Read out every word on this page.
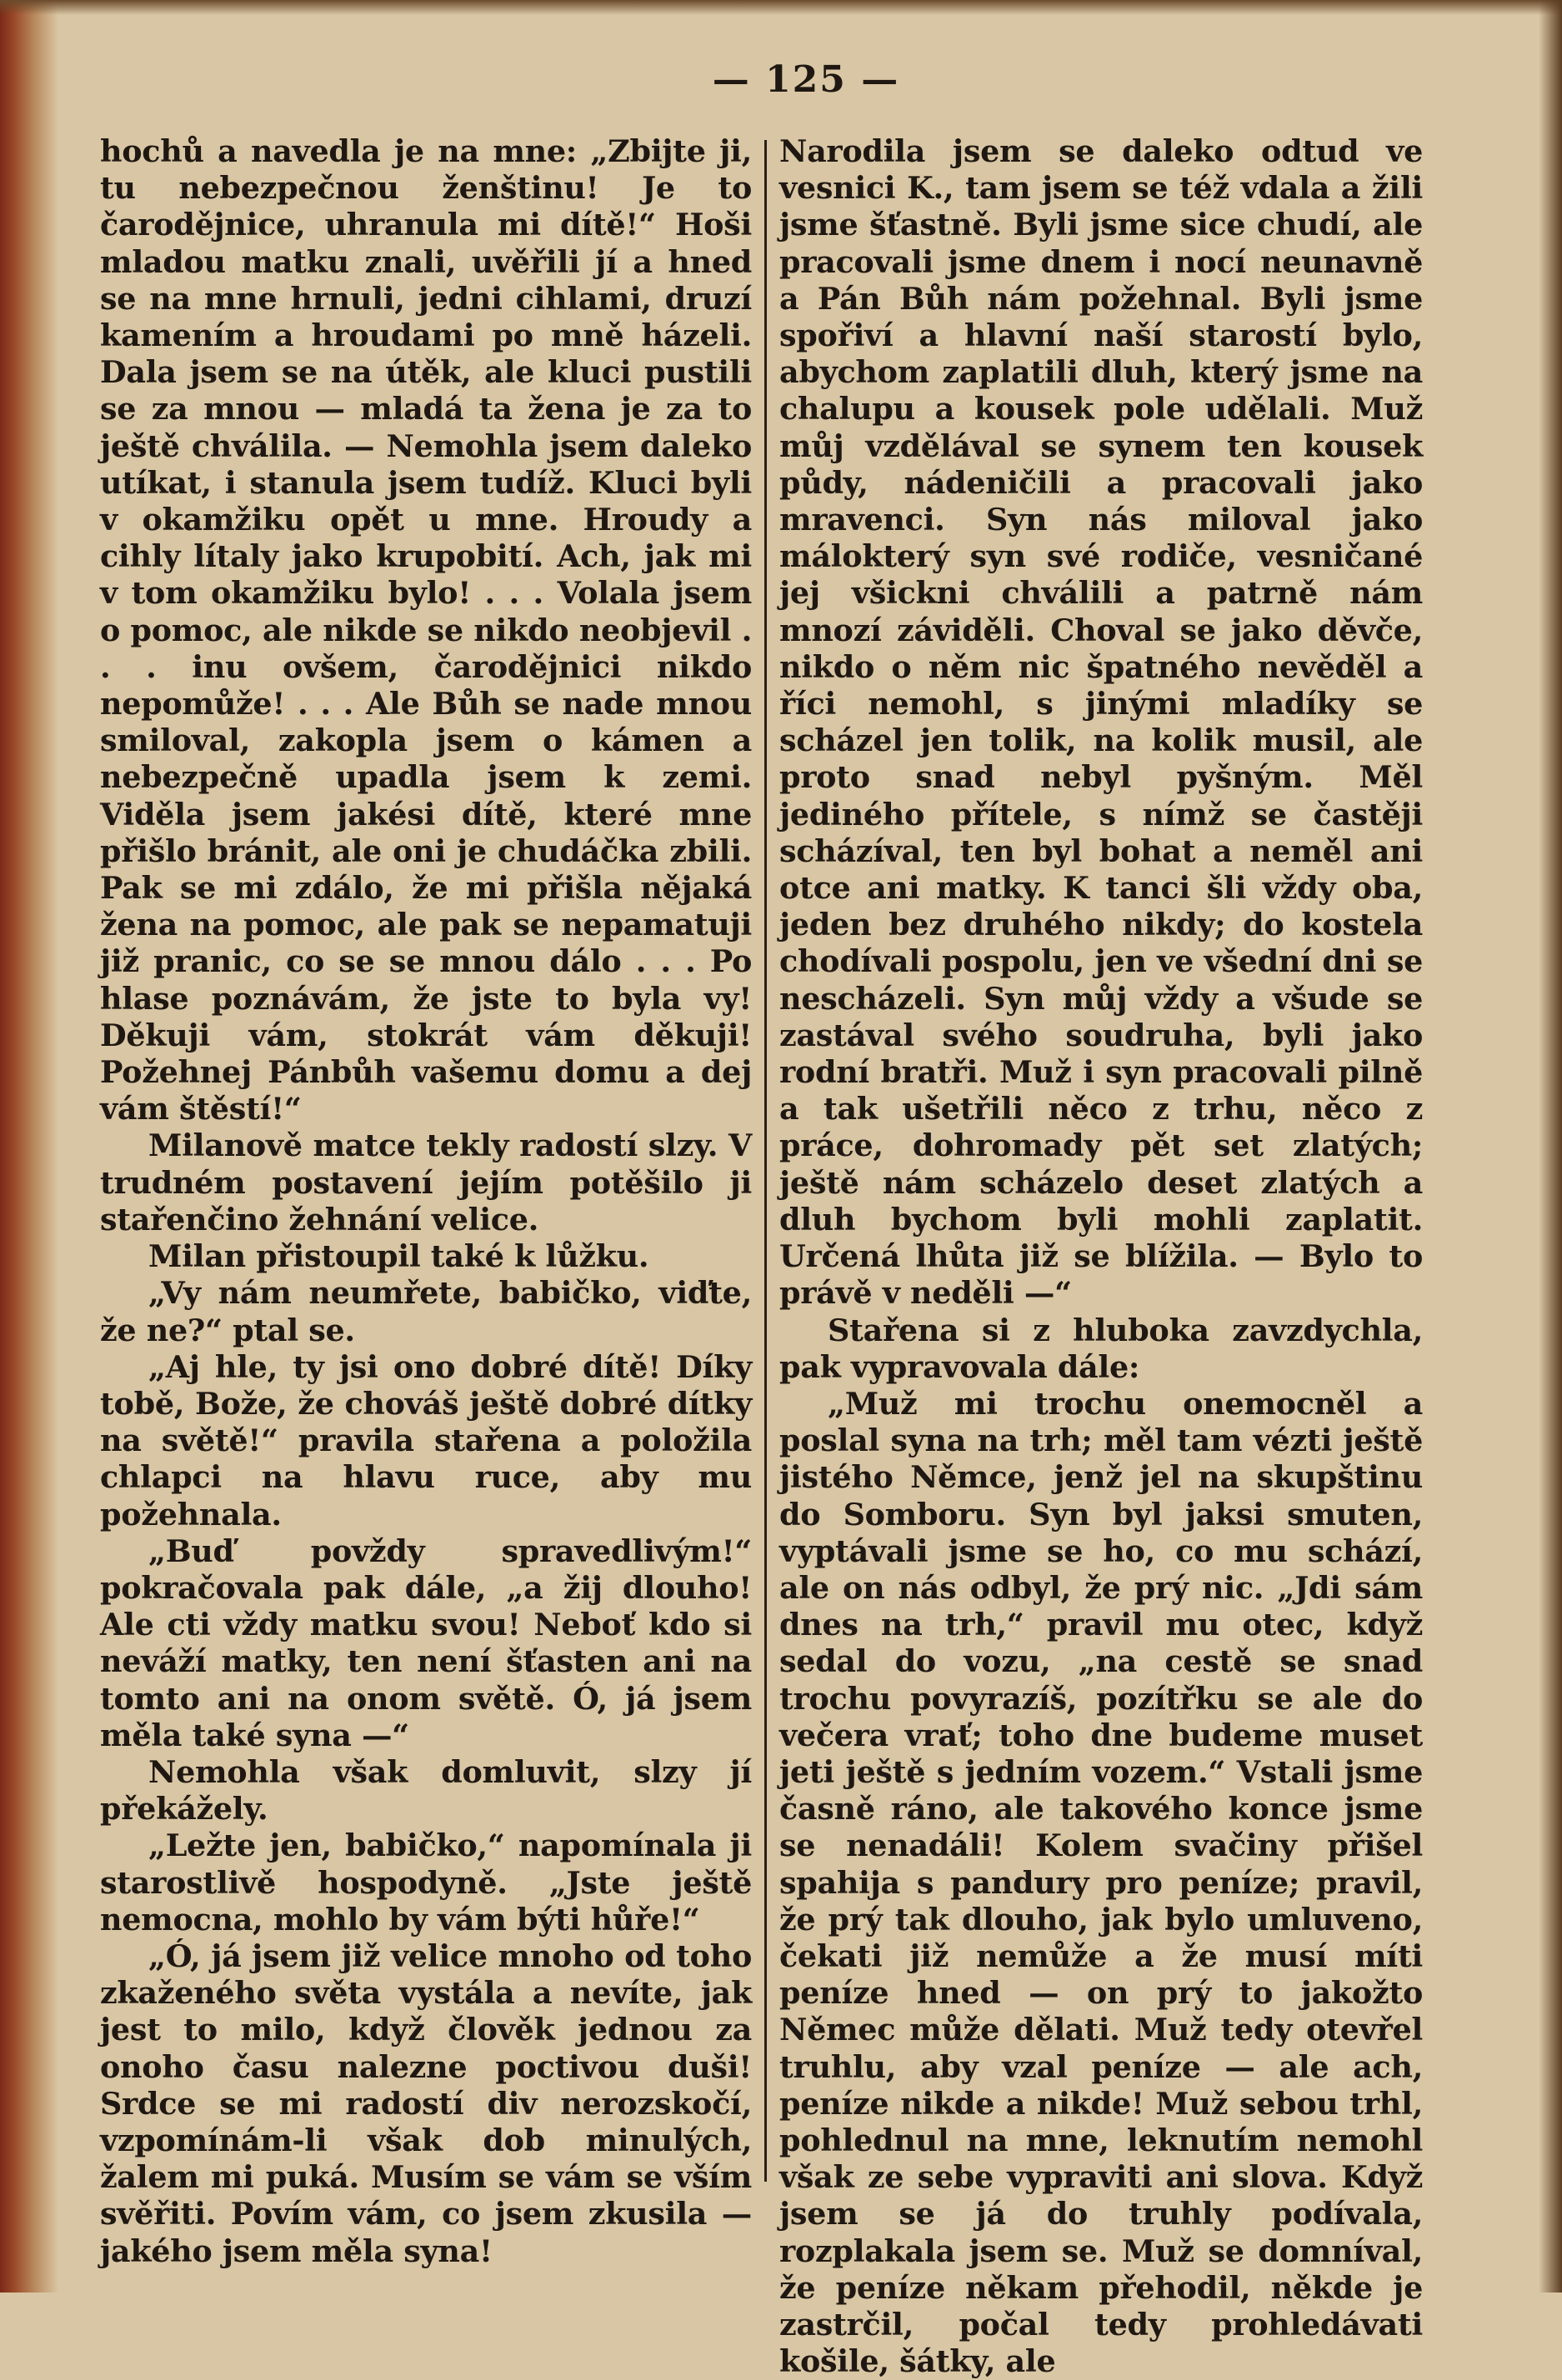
— 125 —

hochů a navedla je na mne: „Zbijte ji, tu nebezpečnou ženštinu! Je to čarodějnice, uhranula mi dítě!“ Hoši mladou matku znali, uvěřili jí a hned se na mne hrnuli, jedni cihlami, druzí kamením a hroudami po mně házeli. Dala jsem se na útěk, ale kluci pustili se za mnou — mladá ta žena je za to ještě chválila. — Nemohla jsem daleko utíkat, i stanula jsem tudíž. Kluci byli v okamžiku opět u mne. Hroudy a cihly lítaly jako krupobití. Ach, jak mi v tom okamžiku bylo! . . . Volala jsem o pomoc, ale nikde se nikdo neobjevil . . . inu ovšem, čarodějnici nikdo nepomůže! . . . Ale Bůh se nade mnou smiloval, zakopla jsem o kámen a nebezpečně upadla jsem k zemi. Viděla jsem jakési dítě, které mne přišlo bránit, ale oni je chudáčka zbili. Pak se mi zdálo, že mi přišla nějaká žena na pomoc, ale pak se nepamatuji již pranic, co se se mnou dálo . . . Po hlase poznávám, že jste to byla vy! Děkuji vám, stokrát vám děkuji! Požehnej Pánbůh vašemu domu a dej vám štěstí!“

Milanově matce tekly radostí slzy. V trudném postavení jejím potěšilo ji stařenčino žehnání velice.

Milan přistoupil také k lůžku.

„Vy nám neumřete, babičko, viďte, že ne?“ ptal se.

„Aj hle, ty jsi ono dobré dítě! Díky tobě, Bože, že chováš ještě dobré dítky na světě!“ pravila stařena a položila chlapci na hlavu ruce, aby mu požehnala.

„Buď povždy spravedlivým!“ pokračovala pak dále, „a žij dlouho! Ale cti vždy matku svou! Neboť kdo si neváží matky, ten není šťasten ani na tomto ani na onom světě. Ó, já jsem měla také syna —“

Nemohla však domluvit, slzy jí překážely.

„Ležte jen, babičko,“ napomínala ji starostlivě hospodyně. „Jste ještě nemocna, mohlo by vám býti hůře!“

„Ó, já jsem již velice mnoho od toho zkaženého světa vystála a nevíte, jak jest to milo, když člověk jednou za onoho času nalezne poctivou duši! Srdce se mi radostí div nerozskočí, vzpomínám-li však dob minulých, žalem mi puká. Musím se vám se vším svěřiti. Povím vám, co jsem zkusila — jakého jsem měla syna!

Narodila jsem se daleko odtud ve vesnici K., tam jsem se též vdala a žili jsme šťastně. Byli jsme sice chudí, ale pracovali jsme dnem i nocí neunavně a Pán Bůh nám požehnal. Byli jsme spořiví a hlavní naší starostí bylo, abychom zaplatili dluh, který jsme na chalupu a kousek pole udělali. Muž můj vzdělával se synem ten kousek půdy, nádeničili a pracovali jako mravenci. Syn nás miloval jako málokterý syn své rodiče, vesničané jej všickni chválili a patrně nám mnozí záviděli. Choval se jako děvče, nikdo o něm nic špatného nevěděl a říci nemohl, s jinými mladíky se scházel jen tolik, na kolik musil, ale proto snad nebyl pyšným. Měl jediného přítele, s nímž se častěji scházíval, ten byl bohat a neměl ani otce ani matky. K tanci šli vždy oba, jeden bez druhého nikdy; do kostela chodívali pospolu, jen ve všední dni se nescházeli. Syn můj vždy a všude se zastával svého soudruha, byli jako rodní bratři. Muž i syn pracovali pilně a tak ušetřili něco z trhu, něco z práce, dohromady pět set zlatých; ještě nám scházelo deset zlatých a dluh bychom byli mohli zaplatit. Určená lhůta již se blížila. — Bylo to právě v neděli —“

Stařena si z hluboka zavzdychla, pak vypravovala dále:

„Muž mi trochu onemocněl a poslal syna na trh; měl tam vézti ještě jistého Němce, jenž jel na skupštinu do Somboru. Syn byl jaksi smuten, vyptávali jsme se ho, co mu schází, ale on nás odbyl, že prý nic. „Jdi sám dnes na trh,“ pravil mu otec, když sedal do vozu, „na cestě se snad trochu povyrazíš, pozítřku se ale do večera vrať; toho dne budeme muset jeti ještě s jedním vozem.“ Vstali jsme časně ráno, ale takového konce jsme se nenadáli! Kolem svačiny přišel spahija s pandury pro peníze; pravil, že prý tak dlouho, jak bylo umluveno, čekati již nemůže a že musí míti peníze hned — on prý to jakožto Němec může dělati. Muž tedy otevřel truhlu, aby vzal peníze — ale ach, peníze nikde a nikde! Muž sebou trhl, pohlednul na mne, leknutím nemohl však ze sebe vypraviti ani slova. Když jsem se já do truhly podívala, rozplakala jsem se. Muž se domníval, že peníze někam přehodil, někde je zastrčil, počal tedy prohledávati košile, šátky, ale
